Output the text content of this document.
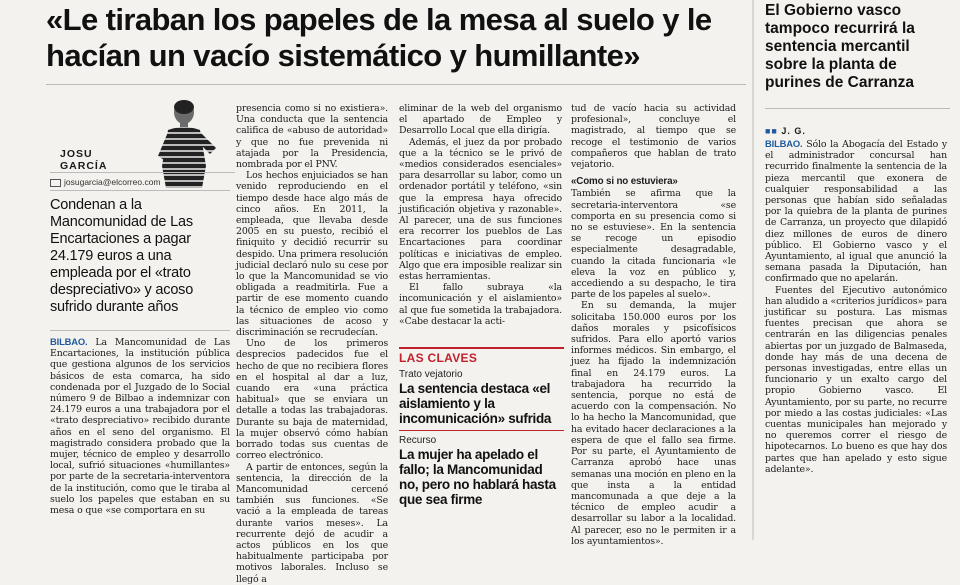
«Le tiraban los papeles de la mesa al suelo y le hacían un vacío sistemático y humillante»
JOSU
GARCÍA
josugarcia@elcorreo.com
Condenan a la Mancomunidad de Las Encartaciones a pagar 24.179 euros a una empleada por el «trato despreciativo» y acoso sufrido durante años

BILBAO. La Mancomunidad de Las Encartaciones, la institución pública que gestiona algunos de los servicios básicos de esta comarca, ha sido condenada por el Juzgado de lo Social número 9 de Bilbao a indemnizar con 24.179 euros a una trabajadora por el «trato despreciativo» recibido durante años en el seno del organismo. El magistrado considera probado que la mujer, técnico de empleo y desarrollo local, sufrió situaciones «humillantes» por parte de la secretaria-interventora de la institución, como que le tiraba al suelo los papeles que estaban en su mesa o que «se comportara en su

presencia como si no existiera». Una conducta que la sentencia califica de «abuso de autoridad» y que no fue prevenida ni atajada por la Presidencia, nombrada por el PNV.

Los hechos enjuiciados se han venido reproduciendo en el tiempo desde hace algo más de cinco años. En 2011, la empleada, que llevaba desde 2005 en su puesto, recibió el finiquito y decidió recurrir su despido. Una primera resolución judicial declaró nulo su cese por lo que la Mancomunidad se vio obligada a readmitirla. Fue a partir de ese momento cuando la técnico de empleo vio como las situaciones de acoso y discriminación se recrudecían.

Uno de los primeros desprecios padecidos fue el hecho de que no recibiera flores en el hospital al dar a luz, cuando era «una práctica habitual» que se enviara un detalle a todas las trabajadoras. Durante su baja de maternidad, la mujer observó cómo habían borrado todas sus cuentas de correo electrónico.

A partir de entonces, según la sentencia, la dirección de la Mancomunidad cercenó también sus funciones. «Se vació a la empleada de tareas durante varios meses». La recurrente dejó de acudir a actos públicos en los que habitualmente participaba por motivos laborales. Incluso se llegó a

eliminar de la web del organismo el apartado de Empleo y Desarrollo Local que ella dirigía.

Además, el juez da por probado que a la técnico se le privó de «medios considerados esenciales» para desarrollar su labor, como un ordenador portátil y teléfono, «sin que la empresa haya ofrecido justificación objetiva y razonable». Al parecer, una de sus funciones era recorrer los pueblos de Las Encartaciones para coordinar políticas e iniciativas de empleo. Algo que era imposible realizar sin estas herramientas.

El fallo subraya «la incomunicación y el aislamiento» al que fue sometida la trabajadora. «Cabe destacar la acti-

LAS CLAVES
Trato vejatorio
La sentencia destaca «el aislamiento y la incomunicación» sufrida
Recurso
La mujer ha apelado el fallo; la Mancomunidad no, pero no hablará hasta que sea firme

tud de vacío hacia su actividad profesional», concluye el magistrado, al tiempo que se recoge el testimonio de varios compañeros que hablan de trato vejatorio.

«Como si no estuviera»

También se afirma que la secretaria-interventora «se comporta en su presencia como si no se estuviese». En la sentencia se recoge un episodio especialmente desagradable, cuando la citada funcionaria «le eleva la voz en público y, accediendo a su despacho, le tira parte de los papeles al suelo».

En su demanda, la mujer solicitaba 150.000 euros por los daños morales y psicofísicos sufridos. Para ello aportó varios informes médicos. Sin embargo, el juez ha fijado la indemnización final en 24.179 euros. La trabajadora ha recurrido la sentencia, porque no está de acuerdo con la compensación. No lo ha hecho la Mancomunidad, que ha evitado hacer declaraciones a la espera de que el fallo sea firme. Por su parte, el Ayuntamiento de Carranza aprobó hace unas semanas una moción en pleno en la que insta a la entidad mancomunada a que deje a la técnico de empleo acudir a desarrollar su labor a la localidad. Al parecer, eso no le permiten ir a los ayuntamientos».

El Gobierno vasco tampoco recurrirá la sentencia mercantil sobre la planta de purines de Carranza
■■ J. G.

BILBAO. Sólo la Abogacía del Estado y el administrador concursal han recurrido finalmente la sentencia de la pieza mercantil que exonera de cualquier responsabilidad a las personas que habían sido señaladas por la quiebra de la planta de purines de Carranza, un proyecto que dilapidó diez millones de euros de dinero público. El Gobierno vasco y el Ayuntamiento, al igual que anunció la semana pasada la Diputación, han confirmado que no apelarán.

Fuentes del Ejecutivo autonómico han aludido a «criterios jurídicos» para justificar su postura. Las mismas fuentes precisan que ahora se centrarán en las diligencias penales abiertas por un juzgado de Balmaseda, donde hay más de una decena de personas investigadas, entre ellas un funcionario y un exalto cargo del propio Gobierno vasco. El Ayuntamiento, por su parte, no recurre por miedo a las costas judiciales: «Las cuentas municipales han mejorado y no queremos correr el riesgo de hipotecarnos. Lo bueno es que hay dos partes que han apelado y esto sigue adelante».
